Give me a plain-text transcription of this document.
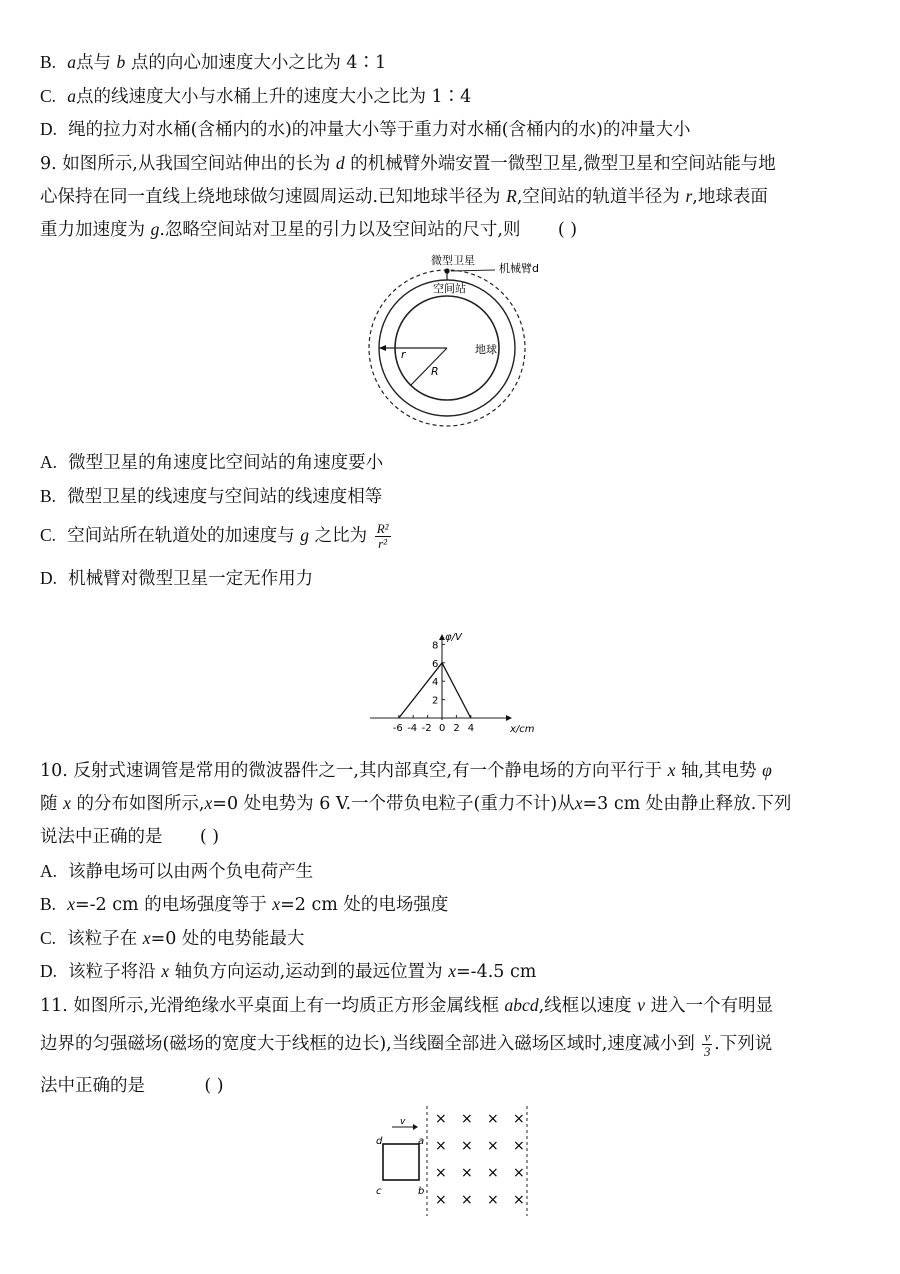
B. a点与 b 点的向心加速度大小之比为 4∶1
C. a点的线速度大小与水桶上升的速度大小之比为 1∶4
D. 绳的拉力对水桶(含桶内的水)的冲量大小等于重力对水桶(含桶内的水)的冲量大小
9. 如图所示,从我国空间站伸出的长为 d 的机械臂外端安置一微型卫星,微型卫星和空间站能与地
心保持在同一直线上绕地球做匀速圆周运动.已知地球半径为 R,空间站的轨道半径为 r,地球表面
重力加速度为 g.忽略空间站对卫星的引力以及空间站的尺寸,则 ( )
微型卫星
机械臂d
空间站
地球
r
R
A. 微型卫星的角速度比空间站的角速度要小
B. 微型卫星的线速度与空间站的线速度相等
C. 空间站所在轨道处的加速度与 g 之比为 $\frac{\text{R²}}{\text{r²}}$
D. 机械臂对微型卫星一定无作用力
-6 -4 -2 0 2 4
8
6
4
2
φ/V
x/cm
10. 反射式速调管是常用的微波器件之一,其内部真空,有一个静电场的方向平行于 x 轴,其电势 φ
随 x 的分布如图所示,x=0 处电势为 6 V.一个带负电粒子(重力不计)从x=3 cm 处由静止释放.下列
说法中正确的是 ( )
A. 该静电场可以由两个负电荷产生
B. x=-2 cm 的电场强度等于 x=2 cm 处的电场强度
C. 该粒子在 x=0 处的电势能最大
D. 该粒子将沿 x 轴负方向运动,运动到的最远位置为 x=-4.5 cm
11. 如图所示,光滑绝缘水平桌面上有一均质正方形金属线框 abcd,线框以速度 v 进入一个有明显
边界的匀强磁场(磁场的宽度大于线框的边长),当线圈全部进入磁场区域时,速度减小到 $\frac{v}{3}$ .下列说
法中正确的是	( )
v
d	a
c	b
× × × ×
× × × ×
× × × ×
× × × ×
